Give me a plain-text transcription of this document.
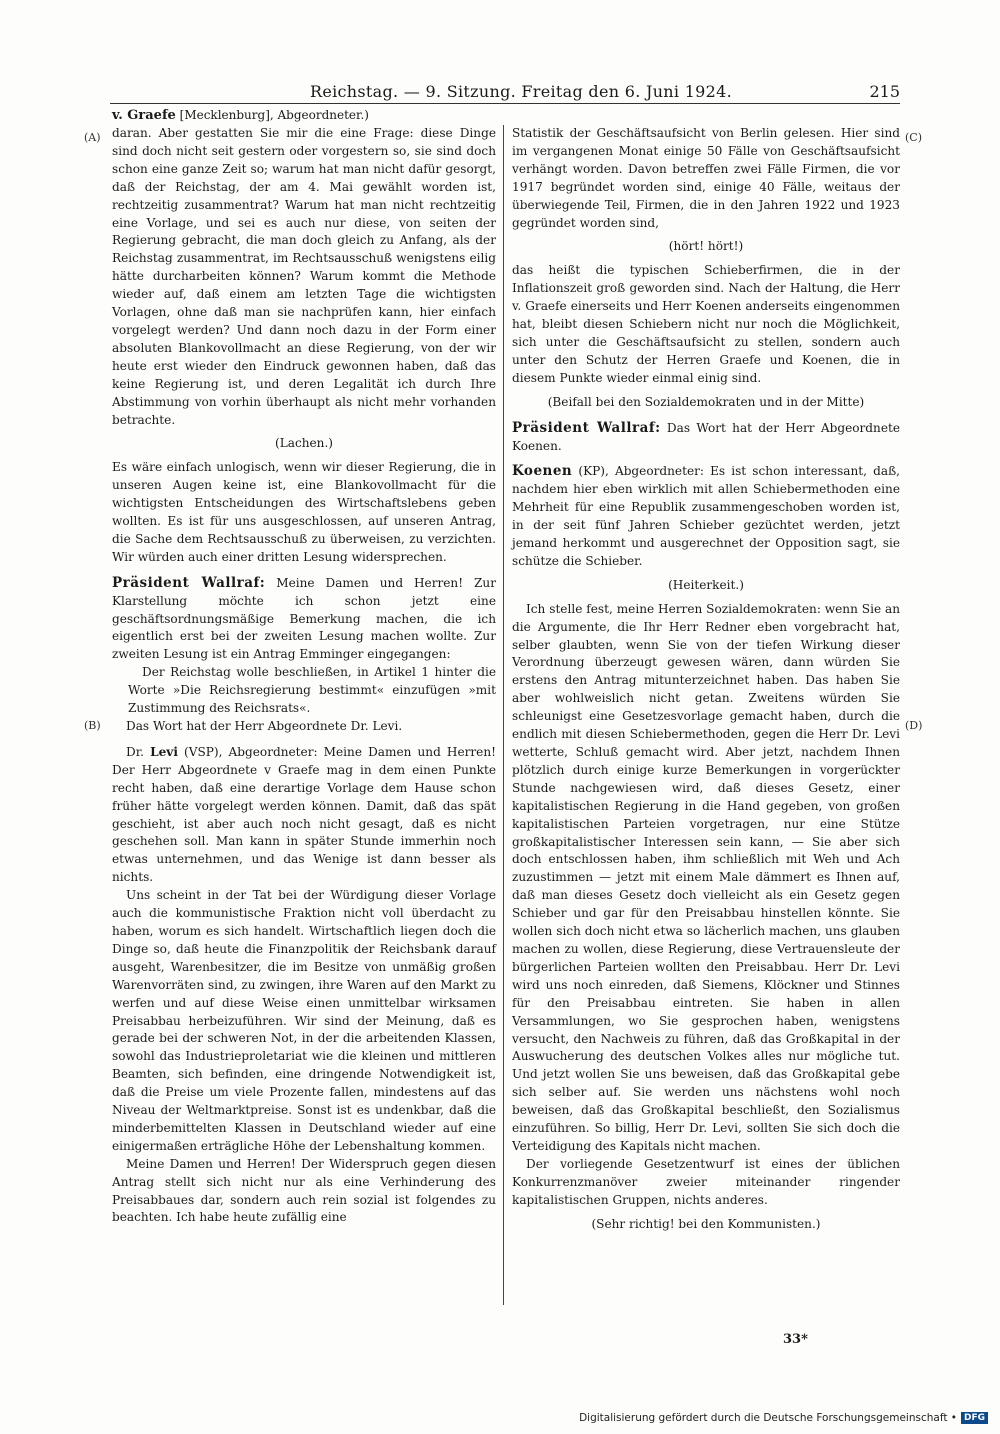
Reichstag. — 9. Sitzung. Freitag den 6. Juni 1924.	215
v. Graefe [Mecklenburg], Abgeordneter.)
(A)
(B)
(C)
(D)

daran. Aber gestatten Sie mir die eine Frage: diese Dinge sind doch nicht seit gestern oder vorgestern so, sie sind doch schon eine ganze Zeit so; warum hat man nicht dafür gesorgt, daß der Reichstag, der am 4. Mai gewählt worden ist, rechtzeitig zusammentrat? Warum hat man nicht rechtzeitig eine Vorlage, und sei es auch nur diese, von seiten der Regierung gebracht, die man doch gleich zu Anfang, als der Reichstag zusammentrat, im Rechtsausschuß wenigstens eilig hätte durcharbeiten können? Warum kommt die Methode wieder auf, daß einem am letzten Tage die wichtigsten Vorlagen, ohne daß man sie nachprüfen kann, hier einfach vorgelegt werden? Und dann noch dazu in der Form einer absoluten Blankovollmacht an diese Regierung, von der wir heute erst wieder den Eindruck gewonnen haben, daß das keine Regierung ist, und deren Legalität ich durch Ihre Abstimmung von vorhin überhaupt als nicht mehr vorhanden betrachte.

(Lachen.)

Es wäre einfach unlogisch, wenn wir dieser Regierung, die in unseren Augen keine ist, eine Blankovollmacht für die wichtigsten Entscheidungen des Wirtschaftslebens geben wollten. Es ist für uns ausgeschlossen, auf unseren Antrag, die Sache dem Rechtsausschuß zu überweisen, zu verzichten. Wir würden auch einer dritten Lesung widersprechen.

Präsident Wallraf: Meine Damen und Herren! Zur Klarstellung möchte ich schon jetzt eine geschäftsordnungsmäßige Bemerkung machen, die ich eigentlich erst bei der zweiten Lesung machen wollte. Zur zweiten Lesung ist ein Antrag Emminger eingegangen:

Der Reichstag wolle beschließen, in Artikel 1 hinter die Worte »Die Reichsregierung bestimmt« einzufügen »mit Zustimmung des Reichsrats«.

Das Wort hat der Herr Abgeordnete Dr. Levi.

Dr. Levi (VSP), Abgeordneter: Meine Damen und Herren! Der Herr Abgeordnete v Graefe mag in dem einen Punkte recht haben, daß eine derartige Vorlage dem Hause schon früher hätte vorgelegt werden können. Damit, daß das spät geschieht, ist aber auch noch nicht gesagt, daß es nicht geschehen soll. Man kann in später Stunde immerhin noch etwas unternehmen, und das Wenige ist dann besser als nichts.

Uns scheint in der Tat bei der Würdigung dieser Vorlage auch die kommunistische Fraktion nicht voll überdacht zu haben, worum es sich handelt. Wirtschaftlich liegen doch die Dinge so, daß heute die Finanzpolitik der Reichsbank darauf ausgeht, Warenbesitzer, die im Besitze von unmäßig großen Warenvorräten sind, zu zwingen, ihre Waren auf den Markt zu werfen und auf diese Weise einen unmittelbar wirksamen Preisabbau herbeizuführen. Wir sind der Meinung, daß es gerade bei der schweren Not, in der die arbeitenden Klassen, sowohl das Industrieproletariat wie die kleinen und mittleren Beamten, sich befinden, eine dringende Notwendigkeit ist, daß die Preise um viele Prozente fallen, mindestens auf das Niveau der Weltmarktpreise. Sonst ist es undenkbar, daß die minderbemittelten Klassen in Deutschland wieder auf eine einigermaßen erträgliche Höhe der Lebenshaltung kommen.

Meine Damen und Herren! Der Widerspruch gegen diesen Antrag stellt sich nicht nur als eine Verhinderung des Preisabbaues dar, sondern auch rein sozial ist folgendes zu beachten. Ich habe heute zufällig eine

Statistik der Geschäftsaufsicht von Berlin gelesen. Hier sind im vergangenen Monat einige 50 Fälle von Geschäftsaufsicht verhängt worden. Davon betreffen zwei Fälle Firmen, die vor 1917 begründet worden sind, einige 40 Fälle, weitaus der überwiegende Teil, Firmen, die in den Jahren 1922 und 1923 gegründet worden sind,

(hört! hört!)

das heißt die typischen Schieberfirmen, die in der Inflationszeit groß geworden sind. Nach der Haltung, die Herr v. Graefe einerseits und Herr Koenen anderseits eingenommen hat, bleibt diesen Schiebern nicht nur noch die Möglichkeit, sich unter die Geschäftsaufsicht zu stellen, sondern auch unter den Schutz der Herren Graefe und Koenen, die in diesem Punkte wieder einmal einig sind.

(Beifall bei den Sozialdemokraten und in der Mitte)

Präsident Wallraf: Das Wort hat der Herr Abgeordnete Koenen.

Koenen (KP), Abgeordneter: Es ist schon interessant, daß, nachdem hier eben wirklich mit allen Schiebermethoden eine Mehrheit für eine Republik zusammengeschoben worden ist, in der seit fünf Jahren Schieber gezüchtet werden, jetzt jemand herkommt und ausgerechnet der Opposition sagt, sie schütze die Schieber.

(Heiterkeit.)

Ich stelle fest, meine Herren Sozialdemokraten: wenn Sie an die Argumente, die Ihr Herr Redner eben vorgebracht hat, selber glaubten, wenn Sie von der tiefen Wirkung dieser Verordnung überzeugt gewesen wären, dann würden Sie erstens den Antrag mitunterzeichnet haben. Das haben Sie aber wohlweislich nicht getan. Zweitens würden Sie schleunigst eine Gesetzesvorlage gemacht haben, durch die endlich mit diesen Schiebermethoden, gegen die Herr Dr. Levi wetterte, Schluß gemacht wird. Aber jetzt, nachdem Ihnen plötzlich durch einige kurze Bemerkungen in vorgerückter Stunde nachgewiesen wird, daß dieses Gesetz, einer kapitalistischen Regierung in die Hand gegeben, von großen kapitalistischen Parteien vorgetragen, nur eine Stütze großkapitalistischer Interessen sein kann, — Sie aber sich doch entschlossen haben, ihm schließlich mit Weh und Ach zuzustimmen — jetzt mit einem Male dämmert es Ihnen auf, daß man dieses Gesetz doch vielleicht als ein Gesetz gegen Schieber und gar für den Preisabbau hinstellen könnte. Sie wollen sich doch nicht etwa so lächerlich machen, uns glauben machen zu wollen, diese Regierung, diese Vertrauensleute der bürgerlichen Parteien wollten den Preisabbau. Herr Dr. Levi wird uns noch einreden, daß Siemens, Klöckner und Stinnes für den Preisabbau eintreten. Sie haben in allen Versammlungen, wo Sie gesprochen haben, wenigstens versucht, den Nachweis zu führen, daß das Großkapital in der Auswucherung des deutschen Volkes alles nur mögliche tut. Und jetzt wollen Sie uns beweisen, daß das Großkapital gebe sich selber auf. Sie werden uns nächstens wohl noch beweisen, daß das Großkapital beschließt, den Sozialismus einzuführen. So billig, Herr Dr. Levi, sollten Sie sich doch die Verteidigung des Kapitals nicht machen.

Der vorliegende Gesetzentwurf ist eines der üblichen Konkurrenzmanöver zweier miteinander ringender kapitalistischen Gruppen, nichts anderes.

(Sehr richtig! bei den Kommunisten.)

33*
Digitalisierung gefördert durch die Deutsche Forschungsgemeinschaft • DFG
